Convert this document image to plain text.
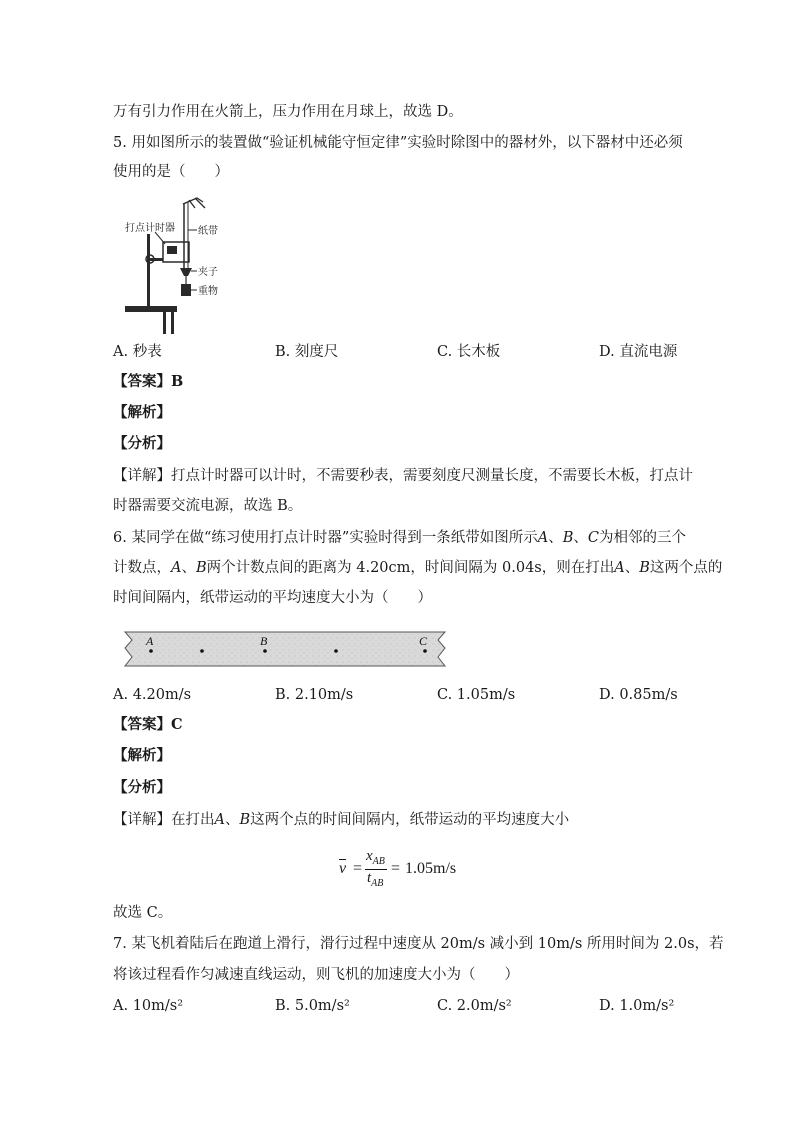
万有引力作用在火箭上，压力作用在月球上，故选 D。
5. 用如图所示的装置做“验证机械能守恒定律”实验时除图中的器材外，以下器材中还必须
使用的是（　　）
打点计时器 纸带
夹子
重物
A. 秒表	B. 刻度尺	C. 长木板	D. 直流电源
【答案】B
【解析】
【分析】
【详解】打点计时器可以计时，不需要秒表，需要刻度尺测量长度，不需要长木板，打点计
时器需要交流电源，故选 B。
6. 某同学在做“练习使用打点计时器”实验时得到一条纸带如图所示A、B、C为相邻的三个
计数点，A、B两个计数点间的距离为 4.20cm，时间间隔为 0.04s，则在打出A、B这两个点的
时间间隔内，纸带运动的平均速度大小为（　　）
A	B	C
A. 4.20m/s	B. 2.10m/s	C. 1.05m/s	D. 0.85m/s
【答案】C
【解析】
【分析】
【详解】在打出A、B这两个点的时间间隔内，纸带运动的平均速度大小
$\overline{v}$ =
$x_{AB}$
$t_{AB}$
= 1.05m/s
故选 C。
7. 某飞机着陆后在跑道上滑行，滑行过程中速度从 20m/s 减小到 10m/s 所用时间为 2.0s，若
将该过程看作匀减速直线运动，则飞机的加速度大小为（　　）
A. 10m/s²	B. 5.0m/s²	C. 2.0m/s²	D. 1.0m/s²
